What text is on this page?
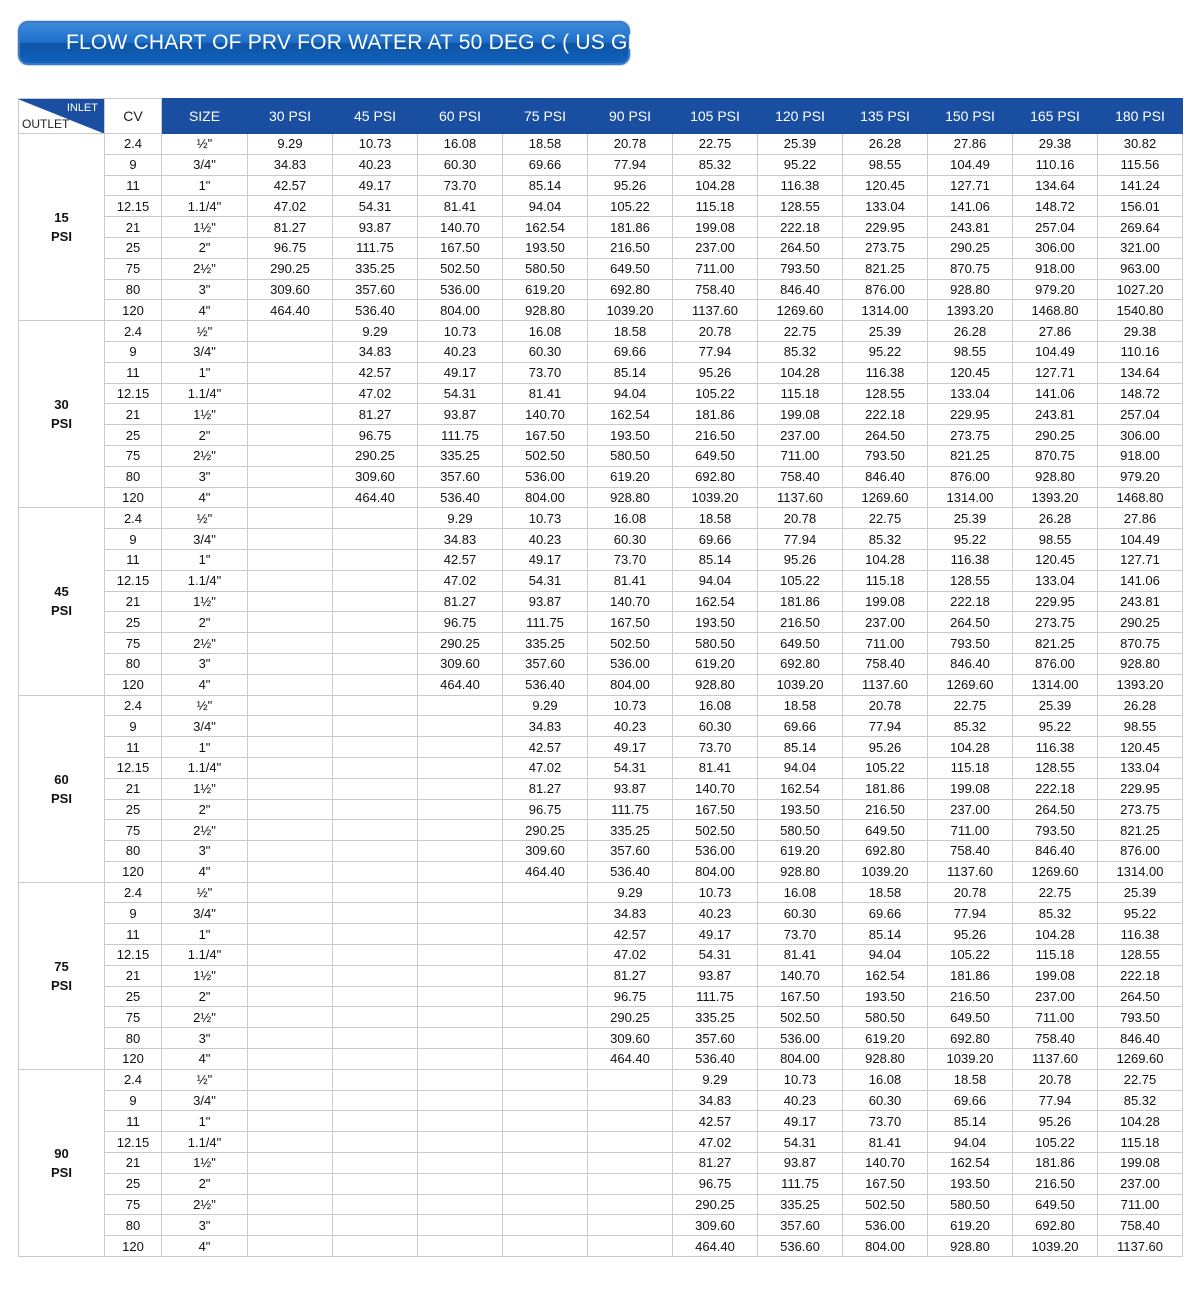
FLOW CHART OF PRV FOR WATER AT 50 DEG C ( US GPM )
INLET
OUTLET	CV	SIZE	30 PSI	45 PSI	60 PSI	75 PSI	90 PSI	105 PSI	120 PSI	135 PSI	150 PSI	165 PSI	180 PSI

15
PSI	2.4	½"	9.29	10.73	16.08	18.58	20.78	22.75	25.39	26.28	27.86	29.38	30.82
	9	3/4"	34.83	40.23	60.30	69.66	77.94	85.32	95.22	98.55	104.49	110.16	115.56
	11	1"	42.57	49.17	73.70	85.14	95.26	104.28	116.38	120.45	127.71	134.64	141.24
	12.15	1.1/4"	47.02	54.31	81.41	94.04	105.22	115.18	128.55	133.04	141.06	148.72	156.01
	21	1½"	81.27	93.87	140.70	162.54	181.86	199.08	222.18	229.95	243.81	257.04	269.64
	25	2"	96.75	111.75	167.50	193.50	216.50	237.00	264.50	273.75	290.25	306.00	321.00
	75	2½"	290.25	335.25	502.50	580.50	649.50	711.00	793.50	821.25	870.75	918.00	963.00
	80	3"	309.60	357.60	536.00	619.20	692.80	758.40	846.40	876.00	928.80	979.20	1027.20
	120	4"	464.40	536.40	804.00	928.80	1039.20	1137.60	1269.60	1314.00	1393.20	1468.80	1540.80

30
PSI	2.4	½"		9.29	10.73	16.08	18.58	20.78	22.75	25.39	26.28	27.86	29.38
	9	3/4"		34.83	40.23	60.30	69.66	77.94	85.32	95.22	98.55	104.49	110.16
	11	1"		42.57	49.17	73.70	85.14	95.26	104.28	116.38	120.45	127.71	134.64
	12.15	1.1/4"		47.02	54.31	81.41	94.04	105.22	115.18	128.55	133.04	141.06	148.72
	21	1½"		81.27	93.87	140.70	162.54	181.86	199.08	222.18	229.95	243.81	257.04
	25	2"		96.75	111.75	167.50	193.50	216.50	237.00	264.50	273.75	290.25	306.00
	75	2½"		290.25	335.25	502.50	580.50	649.50	711.00	793.50	821.25	870.75	918.00
	80	3"		309.60	357.60	536.00	619.20	692.80	758.40	846.40	876.00	928.80	979.20
	120	4"		464.40	536.40	804.00	928.80	1039.20	1137.60	1269.60	1314.00	1393.20	1468.80

45
PSI	2.4	½"			9.29	10.73	16.08	18.58	20.78	22.75	25.39	26.28	27.86
	9	3/4"			34.83	40.23	60.30	69.66	77.94	85.32	95.22	98.55	104.49
	11	1"			42.57	49.17	73.70	85.14	95.26	104.28	116.38	120.45	127.71
	12.15	1.1/4"			47.02	54.31	81.41	94.04	105.22	115.18	128.55	133.04	141.06
	21	1½"			81.27	93.87	140.70	162.54	181.86	199.08	222.18	229.95	243.81
	25	2"			96.75	111.75	167.50	193.50	216.50	237.00	264.50	273.75	290.25
	75	2½"			290.25	335.25	502.50	580.50	649.50	711.00	793.50	821.25	870.75
	80	3"			309.60	357.60	536.00	619.20	692.80	758.40	846.40	876.00	928.80
	120	4"			464.40	536.40	804.00	928.80	1039.20	1137.60	1269.60	1314.00	1393.20

60
PSI	2.4	½"				9.29	10.73	16.08	18.58	20.78	22.75	25.39	26.28
	9	3/4"				34.83	40.23	60.30	69.66	77.94	85.32	95.22	98.55
	11	1"				42.57	49.17	73.70	85.14	95.26	104.28	116.38	120.45
	12.15	1.1/4"				47.02	54.31	81.41	94.04	105.22	115.18	128.55	133.04
	21	1½"				81.27	93.87	140.70	162.54	181.86	199.08	222.18	229.95
	25	2"				96.75	111.75	167.50	193.50	216.50	237.00	264.50	273.75
	75	2½"				290.25	335.25	502.50	580.50	649.50	711.00	793.50	821.25
	80	3"				309.60	357.60	536.00	619.20	692.80	758.40	846.40	876.00
	120	4"				464.40	536.40	804.00	928.80	1039.20	1137.60	1269.60	1314.00

75
PSI	2.4	½"					9.29	10.73	16.08	18.58	20.78	22.75	25.39
	9	3/4"					34.83	40.23	60.30	69.66	77.94	85.32	95.22
	11	1"					42.57	49.17	73.70	85.14	95.26	104.28	116.38
	12.15	1.1/4"					47.02	54.31	81.41	94.04	105.22	115.18	128.55
	21	1½"					81.27	93.87	140.70	162.54	181.86	199.08	222.18
	25	2"					96.75	111.75	167.50	193.50	216.50	237.00	264.50
	75	2½"					290.25	335.25	502.50	580.50	649.50	711.00	793.50
	80	3"					309.60	357.60	536.00	619.20	692.80	758.40	846.40
	120	4"					464.40	536.40	804.00	928.80	1039.20	1137.60	1269.60

90
PSI	2.4	½"						9.29	10.73	16.08	18.58	20.78	22.75
	9	3/4"						34.83	40.23	60.30	69.66	77.94	85.32
	11	1"						42.57	49.17	73.70	85.14	95.26	104.28
	12.15	1.1/4"						47.02	54.31	81.41	94.04	105.22	115.18
	21	1½"						81.27	93.87	140.70	162.54	181.86	199.08
	25	2"						96.75	111.75	167.50	193.50	216.50	237.00
	75	2½"						290.25	335.25	502.50	580.50	649.50	711.00
	80	3"						309.60	357.60	536.00	619.20	692.80	758.40
	120	4"						464.40	536.60	804.00	928.80	1039.20	1137.60
